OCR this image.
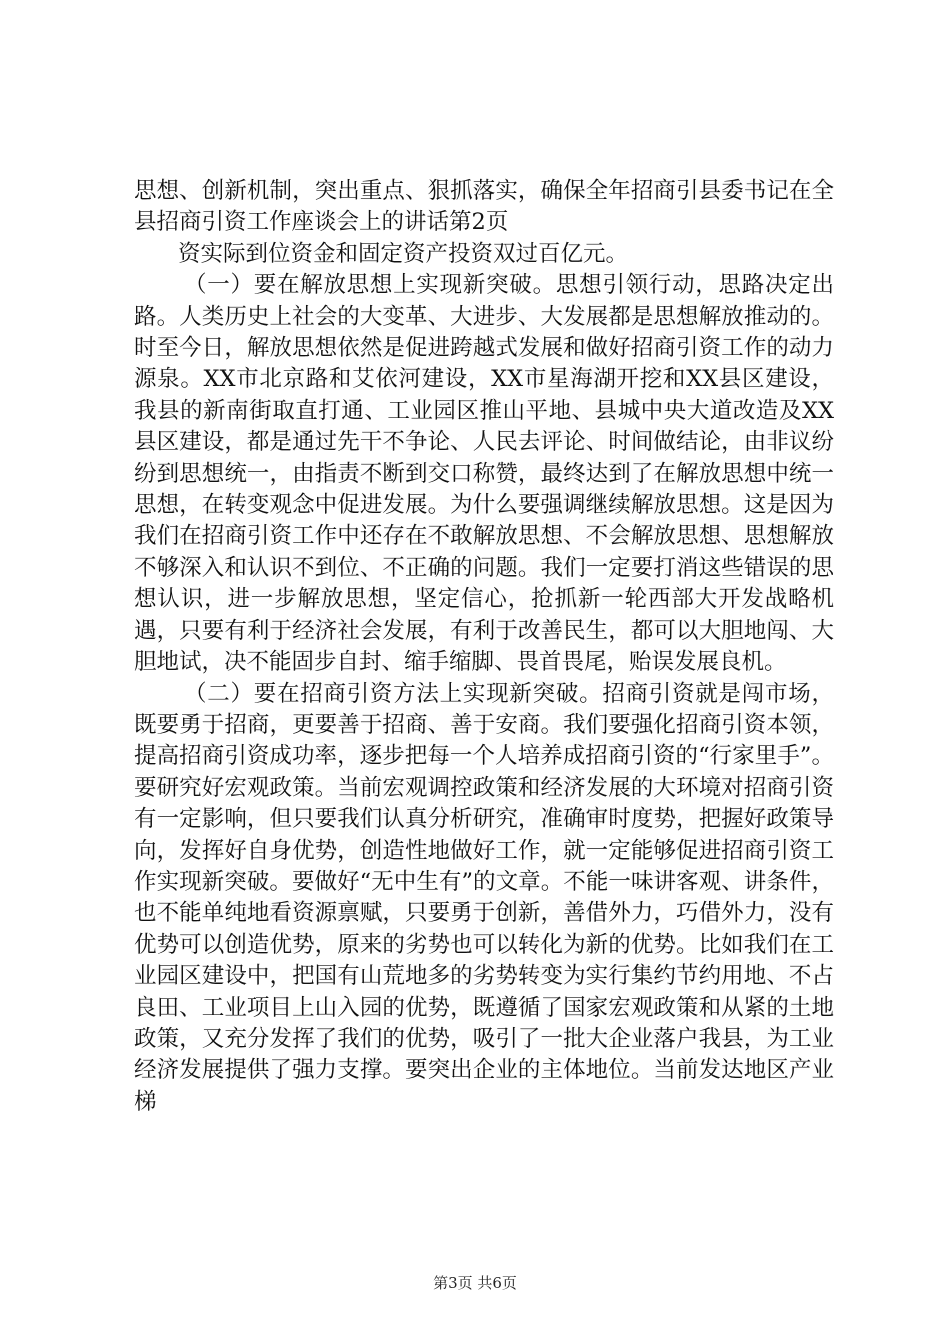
思想、创新机制，突出重点、狠抓落实，确保全年招商引县委书记在全县招商引资工作座谈会上的讲话第2页

资实际到位资金和固定资产投资双过百亿元。

（一）要在解放思想上实现新突破。思想引领行动，思路决定出路。人类历史上社会的大变革、大进步、大发展都是思想解放推动的。时至今日，解放思想依然是促进跨越式发展和做好招商引资工作的动力源泉。XX市北京路和艾依河建设，XX市星海湖开挖和XX县区建设，我县的新南街取直打通、工业园区推山平地、县城中央大道改造及XX县区建设，都是通过先干不争论、人民去评论、时间做结论，由非议纷纷到思想统一，由指责不断到交口称赞，最终达到了在解放思想中统一思想，在转变观念中促进发展。为什么要强调继续解放思想。这是因为我们在招商引资工作中还存在不敢解放思想、不会解放思想、思想解放不够深入和认识不到位、不正确的问题。我们一定要打消这些错误的思想认识，进一步解放思想，坚定信心，抢抓新一轮西部大开发战略机遇，只要有利于经济社会发展，有利于改善民生，都可以大胆地闯、大胆地试，决不能固步自封、缩手缩脚、畏首畏尾，贻误发展良机。

（二）要在招商引资方法上实现新突破。招商引资就是闯市场，既要勇于招商，更要善于招商、善于安商。我们要强化招商引资本领，提高招商引资成功率，逐步把每一个人培养成招商引资的“行家里手”。要研究好宏观政策。当前宏观调控政策和经济发展的大环境对招商引资有一定影响，但只要我们认真分析研究，准确审时度势，把握好政策导向，发挥好自身优势，创造性地做好工作，就一定能够促进招商引资工作实现新突破。要做好“无中生有”的文章。不能一味讲客观、讲条件，也不能单纯地看资源禀赋，只要勇于创新，善借外力，巧借外力，没有优势可以创造优势，原来的劣势也可以转化为新的优势。比如我们在工业园区建设中，把国有山荒地多的劣势转变为实行集约节约用地、不占良田、工业项目上山入园的优势，既遵循了国家宏观政策和从紧的土地政策，又充分发挥了我们的优势，吸引了一批大企业落户我县，为工业经济发展提供了强力支撑。要突出企业的主体地位。当前发达地区产业梯

第3页 共6页
